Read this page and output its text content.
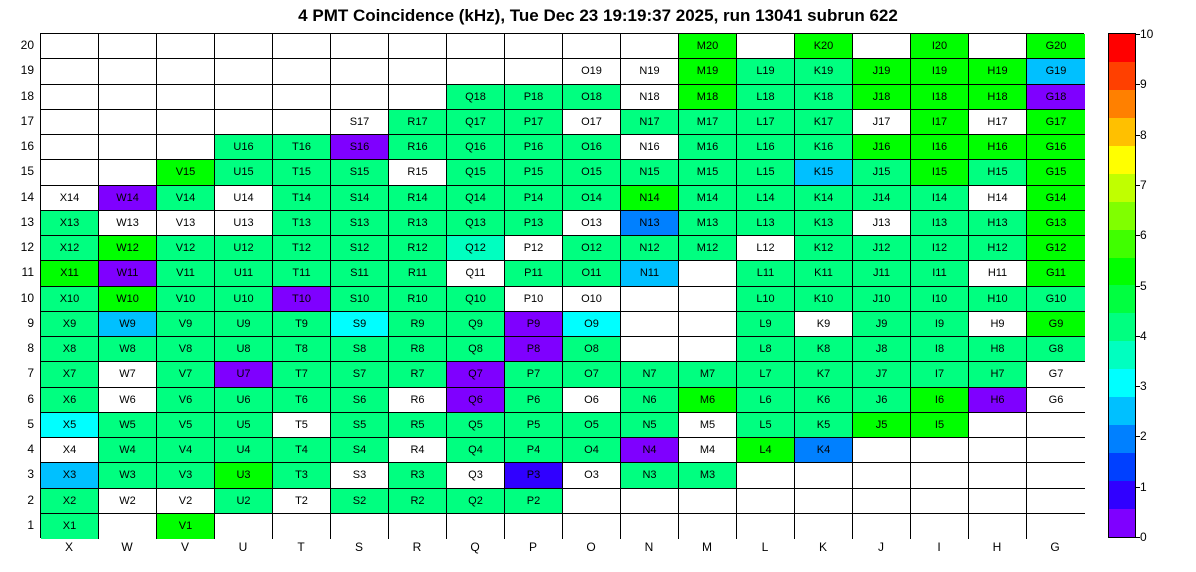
4 PMT Coincidence (kHz), Tue Dec 23 19:19:37 2025, run 13041 subrun 622
M20	K20	I20	G20
O19	N19	M19	L19	K19	J19	I19	H19	G19
Q18	P18	O18	N18	M18	L18	K18	J18	I18	H18	G18
S17	R17	Q17	P17	O17	N17	M17	L17	K17	J17	I17	H17	G17
U16	T16	S16	R16	Q16	P16	O16	N16	M16	L16	K16	J16	I16	H16	G16
V15	U15	T15	S15	R15	Q15	P15	O15	N15	M15	L15	K15	J15	I15	H15	G15
X14	W14	V14	U14	T14	S14	R14	Q14	P14	O14	N14	M14	L14	K14	J14	I14	H14	G14
X13	W13	V13	U13	T13	S13	R13	Q13	P13	O13	N13	M13	L13	K13	J13	I13	H13	G13
X12	W12	V12	U12	T12	S12	R12	Q12	P12	O12	N12	M12	L12	K12	J12	I12	H12	G12
X11	W11	V11	U11	T11	S11	R11	Q11	P11	O11	N11	L11	K11	J11	I11	H11	G11
X10	W10	V10	U10	T10	S10	R10	Q10	P10	O10	L10	K10	J10	I10	H10	G10
X9	W9	V9	U9	T9	S9	R9	Q9	P9	O9	L9	K9	J9	I9	H9	G9
X8	W8	V8	U8	T8	S8	R8	Q8	P8	O8	L8	K8	J8	I8	H8	G8
X7	W7	V7	U7	T7	S7	R7	Q7	P7	O7	N7	M7	L7	K7	J7	I7	H7	G7
X6	W6	V6	U6	T6	S6	R6	Q6	P6	O6	N6	M6	L6	K6	J6	I6	H6	G6
X5	W5	V5	U5	T5	S5	R5	Q5	P5	O5	N5	M5	L5	K5	J5	I5
X4	W4	V4	U4	T4	S4	R4	Q4	P4	O4	N4	M4	L4	K4
X3	W3	V3	U3	T3	S3	R3	Q3	P3	O3	N3	M3
X2	W2	V2	U2	T2	S2	R2	Q2	P2
X1	V1
20
19
18
17
16
15
14
13
12
11
10
9
8
7
6
5
4
3
2
1
X	W	V	U	T	S	R	Q	P	O	N	M	L	K	J	I	H	G
0
1
2
3
4
5
6
7
8
9
10
